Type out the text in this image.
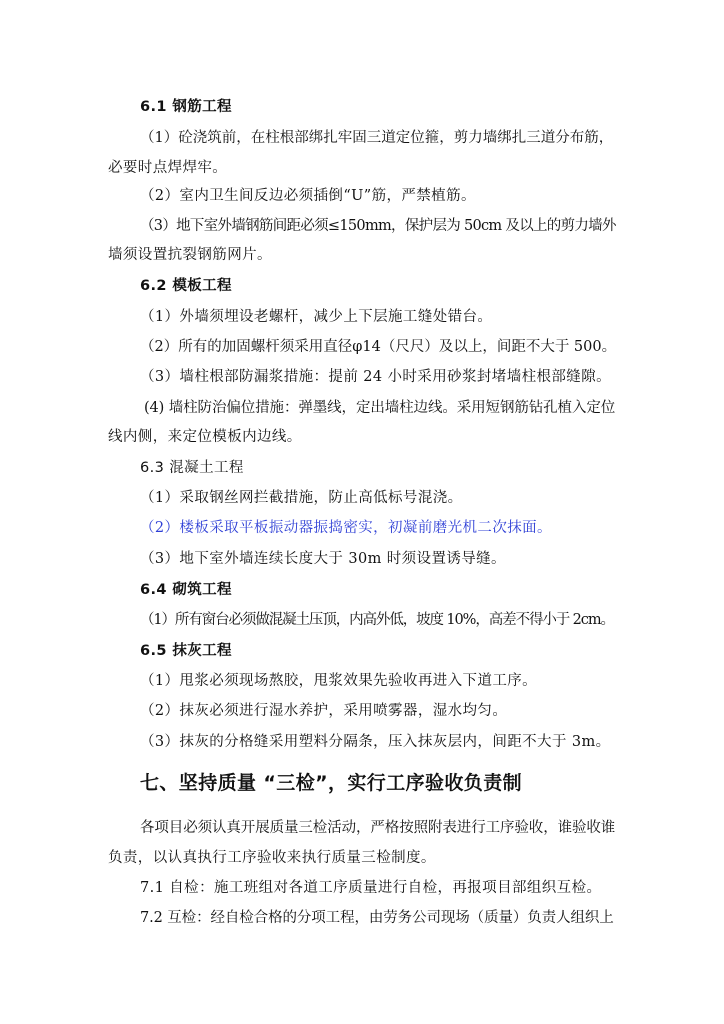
6.1 钢筋工程
（1）砼浇筑前，在柱根部绑扎牢固三道定位箍，剪力墙绑扎三道分布筋，
必要时点焊焊牢。
（2）室内卫生间反边必须插倒“U”筋，严禁植筋。
（3）地下室外墙钢筋间距必须≤150mm，保护层为 50cm 及以上的剪力墙外
墙须设置抗裂钢筋网片。
6.2 模板工程
（1）外墙须埋设老螺杆，减少上下层施工缝处错台。
（2）所有的加固螺杆须采用直径φ14（尺尺）及以上，间距不大于 500。
（3）墙柱根部防漏浆措施：提前 24 小时采用砂浆封堵墙柱根部缝隙。
(4) 墙柱防治偏位措施：弹墨线，定出墙柱边线。采用短钢筋钻孔植入定位
线内侧，来定位模板内边线。
6.3 混凝土工程
（1）采取钢丝网拦截措施，防止高低标号混浇。
（2）楼板采取平板振动器振捣密实，初凝前磨光机二次抹面。
（3）地下室外墙连续长度大于 30m 时须设置诱导缝。
6.4 砌筑工程
（1）所有窗台必须做混凝土压顶，内高外低，坡度 10%，高差不得小于 2cm。
6.5 抹灰工程
（1）甩浆必须现场熬胶，甩浆效果先验收再进入下道工序。
（2）抹灰必须进行湿水养护，采用喷雾器，湿水均匀。
（3）抹灰的分格缝采用塑料分隔条，压入抹灰层内，间距不大于 3m。
七、坚持质量 “三检”，实行工序验收负责制
各项目必须认真开展质量三检活动，严格按照附表进行工序验收，谁验收谁
负责，以认真执行工序验收来执行质量三检制度。
7.1 自检：施工班组对各道工序质量进行自检，再报项目部组织互检。
7.2 互检：经自检合格的分项工程，由劳务公司现场（质量）负责人组织上
